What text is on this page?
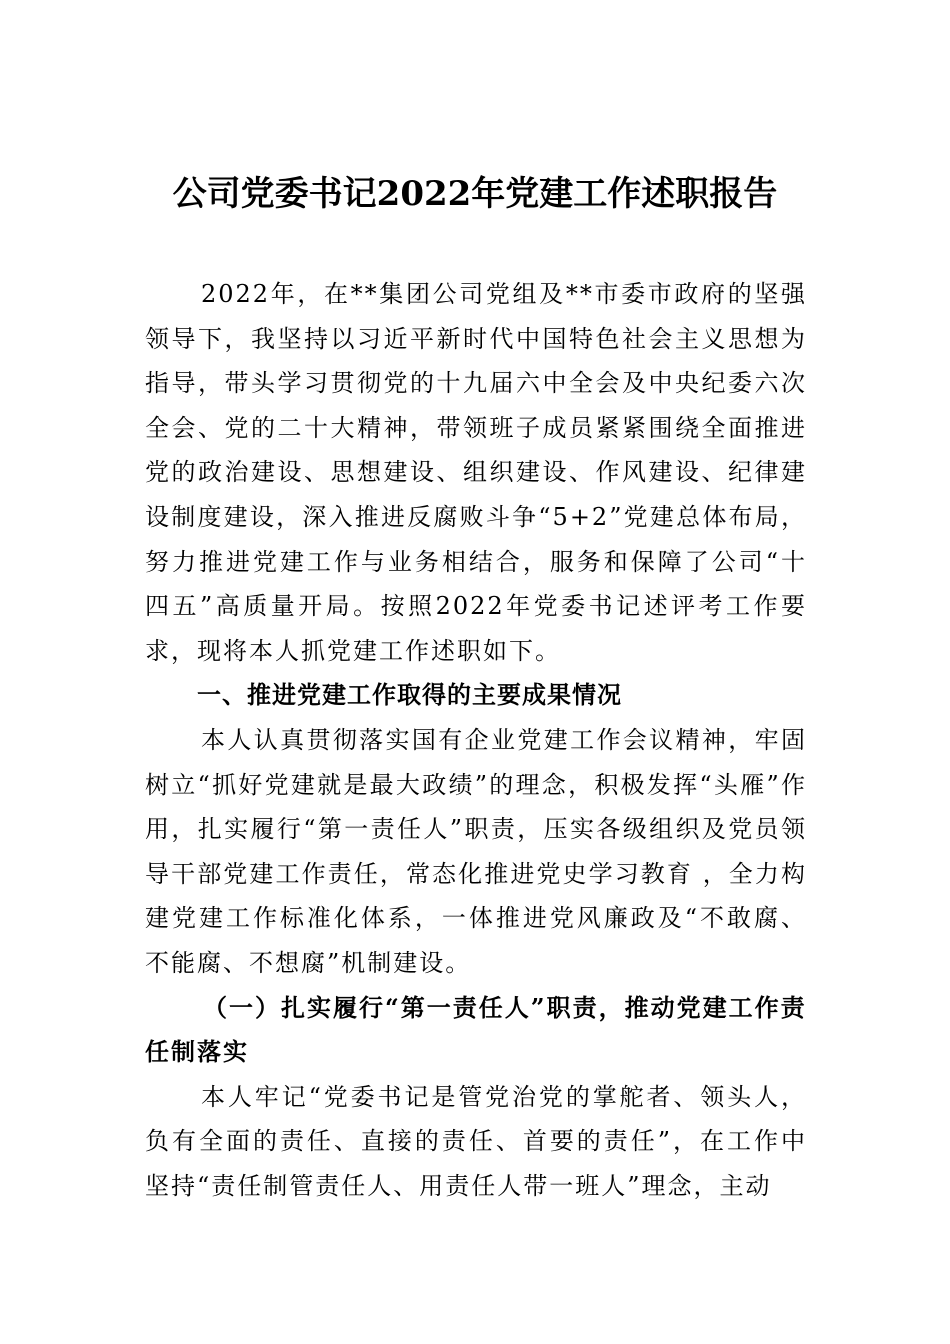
公司党委书记2022年党建工作述职报告

2022年，在**集团公司党组及**市委市政府的坚强领导下，我坚持以习近平新时代中国特色社会主义思想为指导，带头学习贯彻党的十九届六中全会及中央纪委六次全会、党的二十大精神，带领班子成员紧紧围绕全面推进党的政治建设、思想建设、组织建设、作风建设、纪律建设制度建设，深入推进反腐败斗争“5+2”党建总体布局，努力推进党建工作与业务相结合，服务和保障了公司“十四五”高质量开局。按照2022年党委书记述评考工作要求，现将本人抓党建工作述职如下。

一、推进党建工作取得的主要成果情况

本人认真贯彻落实国有企业党建工作会议精神，牢固树立“抓好党建就是最大政绩”的理念，积极发挥“头雁”作用，扎实履行“第一责任人”职责，压实各级组织及党员领导干部党建工作责任，常态化推进党史学习教育 ，全力构建党建工作标准化体系，一体推进党风廉政及“不敢腐、不能腐、不想腐”机制建设。

（一）扎实履行“第一责任人”职责，推动党建工作责任制落实

本人牢记“党委书记是管党治党的掌舵者、领头人，负有全面的责任、直接的责任、首要的责任”，在工作中坚持“责任制管责任人、用责任人带一班人”理念，主动
